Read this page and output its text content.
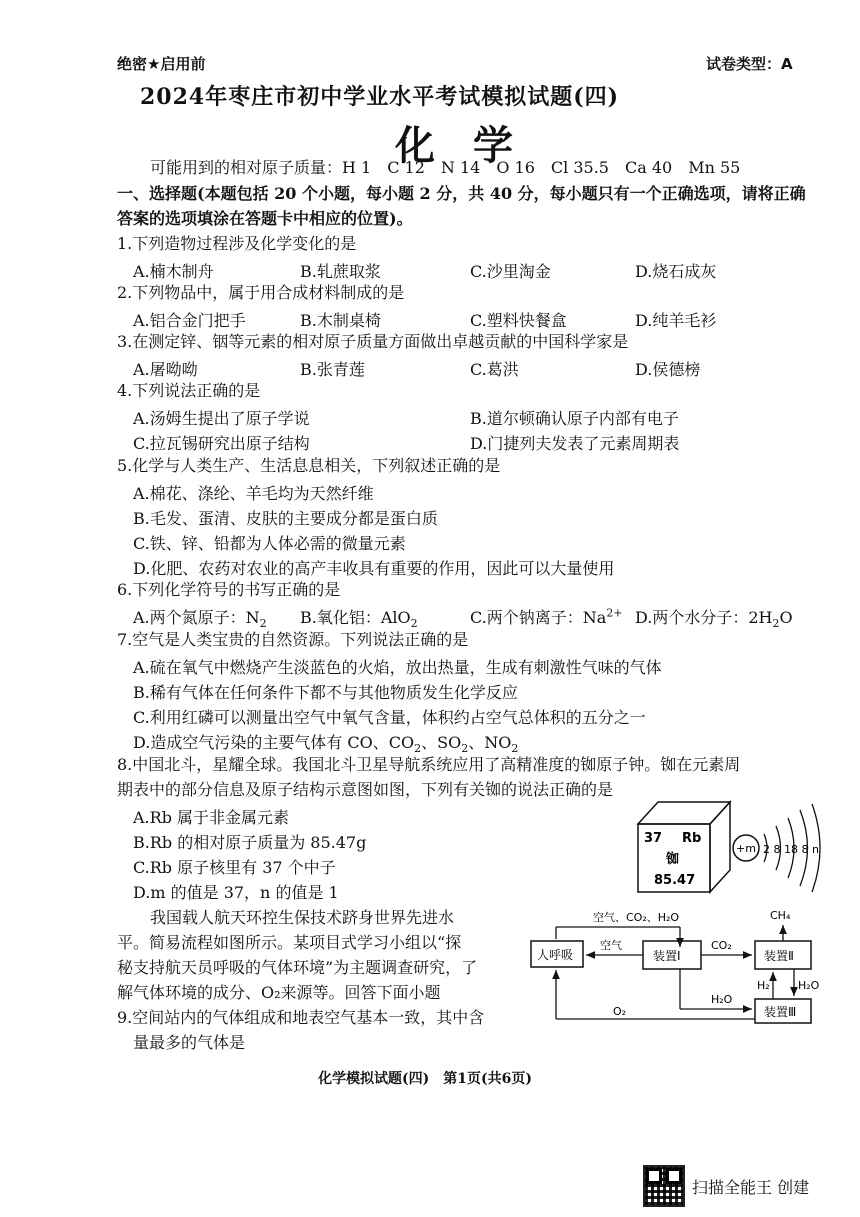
绝密★启用前	试卷类型：A
2024年枣庄市初中学业水平考试模拟试题(四)
化学
可能用到的相对原子质量：H 1　C 12　N 14　O 16　Cl 35.5　Ca 40　Mn 55
一、选择题(本题包括 20 个小题，每小题 2 分，共 40 分，每小题只有一个正确选项，请将正确
答案的选项填涂在答题卡中相应的位置)。
1.下列造物过程涉及化学变化的是
A.楠木制舟	B.轧蔗取浆	C.沙里淘金	D.烧石成灰
2.下列物品中，属于用合成材料制成的是
A.铝合金门把手	B.木制桌椅	C.塑料快餐盒	D.纯羊毛衫
3.在测定锌、铟等元素的相对原子质量方面做出卓越贡献的中国科学家是
A.屠呦呦	B.张青莲	C.葛洪	D.侯德榜
4.下列说法正确的是
A.汤姆生提出了原子学说	B.道尔顿确认原子内部有电子
C.拉瓦锡研究出原子结构	D.门捷列夫发表了元素周期表
5.化学与人类生产、生活息息相关，下列叙述正确的是
A.棉花、涤纶、羊毛均为天然纤维
B.毛发、蛋清、皮肤的主要成分都是蛋白质
C.铁、锌、铅都为人体必需的微量元素
D.化肥、农药对农业的高产丰收具有重要的作用，因此可以大量使用
6.下列化学符号的书写正确的是
A.两个氮原子：$N_2$ B.氧化铝：AlO$_2$	C.两个钠离子：$Na^{2+}$ D.两个水分子：$2H_2O$
7.空气是人类宝贵的自然资源。下列说法正确的是
A.硫在氧气中燃烧产生淡蓝色的火焰，放出热量，生成有刺激性气味的气体
B.稀有气体在任何条件下都不与其他物质发生化学反应
C.利用红磷可以测量出空气中氧气含量，体积约占空气总体积的五分之一
D.造成空气污染的主要气体有 CO、$CO_2$、$SO_2$、$NO_2$
8.中国北斗，星耀全球。我国北斗卫星导航系统应用了高精准度的铷原子钟。铷在元素周
期表中的部分信息及原子结构示意图如图，下列有关铷的说法正确的是
A.Rb 属于非金属元素
B.Rb 的相对原子质量为 85.47g
C.Rb 原子核里有 37 个中子
D.m 的值是 37，n 的值是 1
37 Rb
铷
85.47
+m 2 8 18 8 n
我国载人航天环控生保技术跻身世界先进水
平。简易流程如图所示。某项目式学习小组以“探
秘支持航天员呼吸的气体环境”为主题调查研究，了
解气体环境的成分、O₂来源等。回答下面小题
空气、CO₂、H₂O
人呼吸
空气
装置Ⅰ
CO₂
装置Ⅱ
CH₄
H₂	H₂O
H₂O
装置Ⅲ
O₂
9.空间站内的气体组成和地表空气基本一致，其中含
量最多的气体是
化学模拟试题(四)　第1页(共6页)
扫描全能王 创建
